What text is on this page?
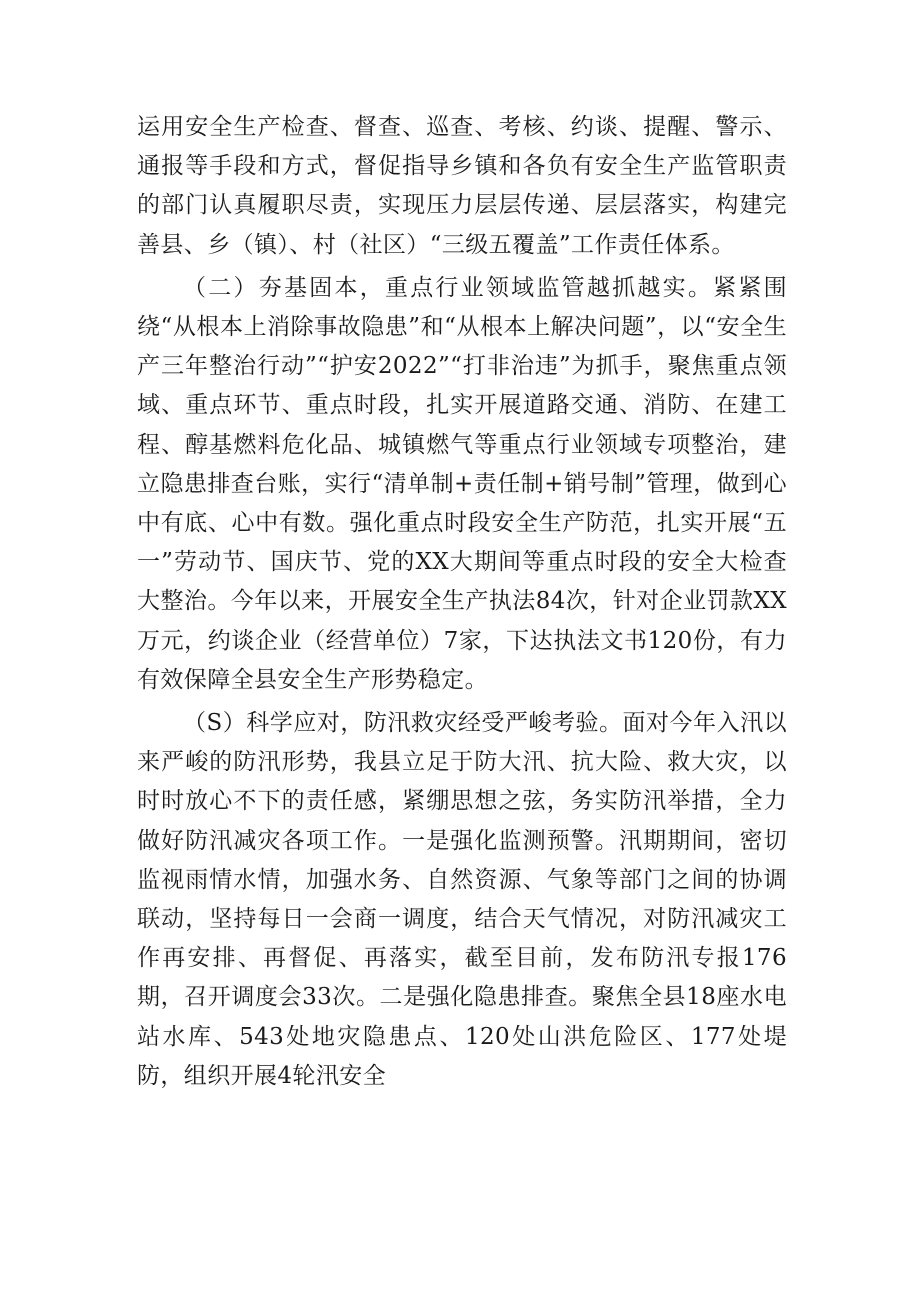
运用安全生产检查、督查、巡查、考核、约谈、提醒、警示、通报等手段和方式，督促指导乡镇和各负有安全生产监管职责的部门认真履职尽责，实现压力层层传递、层层落实，构建完善县、乡（镇）、村（社区）“三级五覆盖”工作责任体系。

（二）夯基固本，重点行业领域监管越抓越实。紧紧围绕“从根本上消除事故隐患”和“从根本上解决问题”，以“安全生产三年整治行动”“护安2022”“打非治违”为抓手，聚焦重点领域、重点环节、重点时段，扎实开展道路交通、消防、在建工程、醇基燃料危化品、城镇燃气等重点行业领域专项整治，建立隐患排查台账，实行“清单制+责任制+销号制”管理，做到心中有底、心中有数。强化重点时段安全生产防范，扎实开展“五一”劳动节、国庆节、党的XX大期间等重点时段的安全大检查大整治。今年以来，开展安全生产执法84次，针对企业罚款XX万元，约谈企业（经营单位）7家，下达执法文书120份，有力有效保障全县安全生产形势稳定。

（S）科学应对，防汛救灾经受严峻考验。面对今年入汛以来严峻的防汛形势，我县立足于防大汛、抗大险、救大灾，以时时放心不下的责任感，紧绷思想之弦，务实防汛举措，全力做好防汛减灾各项工作。一是强化监测预警。汛期期间，密切监视雨情水情，加强水务、自然资源、气象等部门之间的协调联动，坚持每日一会商一调度，结合天气情况，对防汛减灾工作再安排、再督促、再落实，截至目前，发布防汛专报176期，召开调度会33次。二是强化隐患排查。聚焦全县18座水电站水库、543处地灾隐患点、120处山洪危险区、177处堤防，组织开展4轮汛安全
